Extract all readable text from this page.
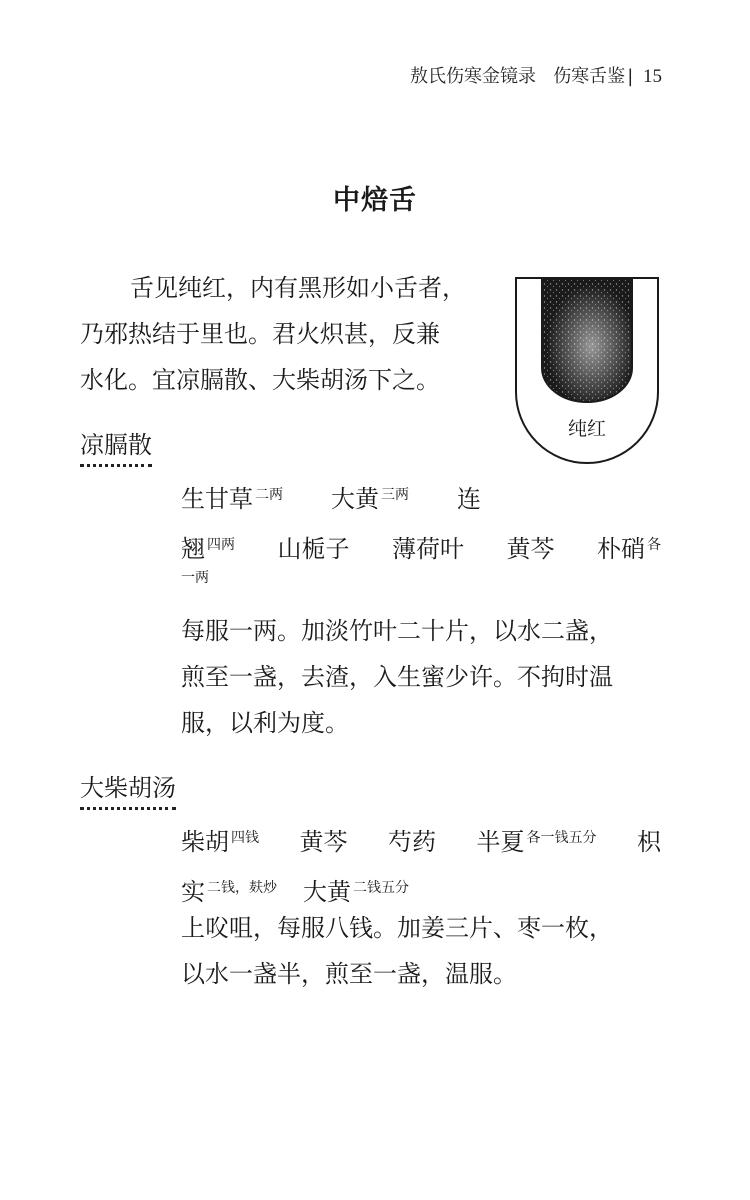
敖氏伤寒金镜录 伤寒舌鉴 | 15
中焙舌
舌见纯红，内有黑形如小舌者，
乃邪热结于里也。君火炽甚，反兼
水化。宜凉膈散、大柴胡汤下之。
纯红
凉膈散
生甘草 $^{二两}$ 大黄 $^{三两}$ 连
翘 $^{四两}$ 山栀子 薄荷叶 黄芩 朴硝 $^各$
一两
每服一两。加淡竹叶二十片，以水二盏，
煎至一盏，去渣，入生蜜少许。不拘时温
服，以利为度。
大柴胡汤
柴胡 $^{四钱}$ 黄芩 芍药 半夏 $^{各一钱五分}$ 枳
实 $^{二钱,麸炒}$ 大黄 $^{二钱五分}$
上㕮咀，每服八钱。加姜三片、枣一枚，
以水一盏半，煎至一盏，温服。
